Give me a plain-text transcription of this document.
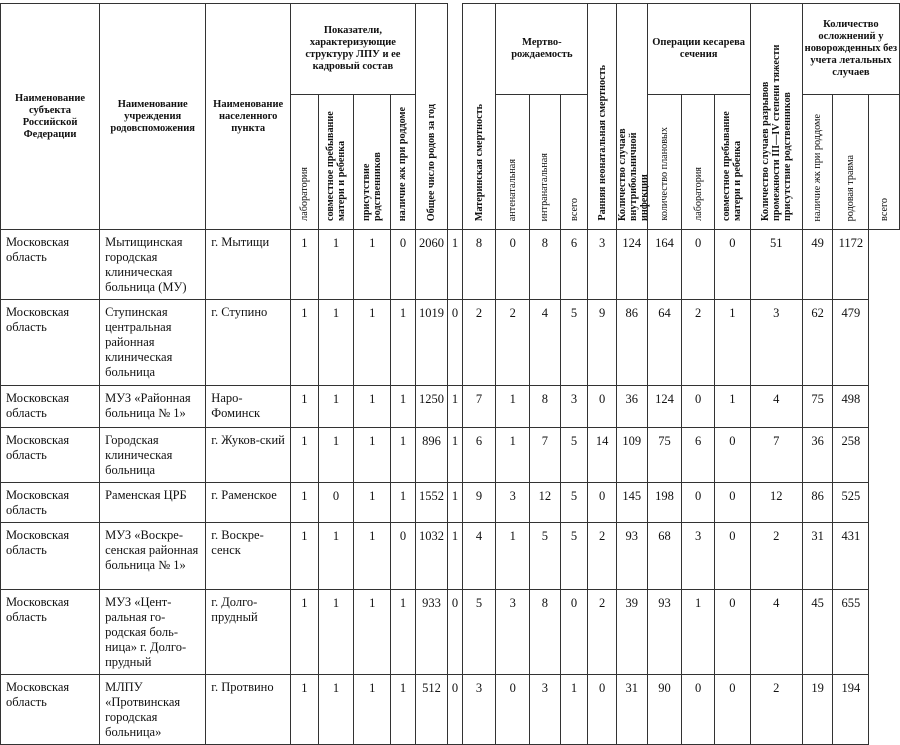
Наименование субъекта Российской Федерации	Наименование учреждения родовспоможения	Наименование населенного пункта	Показатели, характеризующие структуру ЛПУ и ее кадровый состав				Общее число родов за год		Материнская смертность	Мертво-рождаемость			Ранняя неонатальная смертность	Количество случаев внутрибольничной инфекции	Операции кесарева сечения			Количество случаев разрывов промежности III—IV степени тяжести присутствие родственников	Количество осложнений у новорожденных без учета летальных случаев		
			лаборатория	совместное пребывание матери и ребенка	присутствие родственников	наличие жк при роддоме				антенатальная	интранатальная	всего			количество плановых	лаборатория	совместное пребывание матери и ребенка		наличие жк при роддоме	родовая травма	всего
Московская область	Мытищинская городская клиническая больница (МУ)	г. Мытищи	1	1	1	0	2060	1	8	0	8	6	3	124	164	0	0	51	49	1172	
Московская область	Ступинская центральная районная клиническая больница	г. Ступино	1	1	1	1	1019	0	2	2	4	5	9	86	64	2	1	3	62	479	
Московская область	МУЗ «Районная больница № 1»	Наро-Фоминск	1	1	1	1	1250	1	7	1	8	3	0	36	124	0	1	4	75	498	
Московская область	Городская клиническая больница	г. Жуков-ский	1	1	1	1	896	1	6	1	7	5	14	109	75	6	0	7	36	258	
Московская область	Раменская ЦРБ	г. Раменское	1	0	1	1	1552	1	9	3	12	5	0	145	198	0	0	12	86	525	
Московская область	МУЗ «Воскре-сенская районная больница № 1»	г. Воскре-сенск	1	1	1	0	1032	1	4	1	5	5	2	93	68	3	0	2	31	431	
Московская область	МУЗ «Цент-ральная го-родская боль-ница» г. Долго-прудный	г. Долго-прудный	1	1	1	1	933	0	5	3	8	0	2	39	93	1	0	4	45	655	
Московская область	МЛПУ «Протвинская городская больница»	г. Протвино	1	1	1	1	512	0	3	0	3	1	0	31	90	0	0	2	19	194	
